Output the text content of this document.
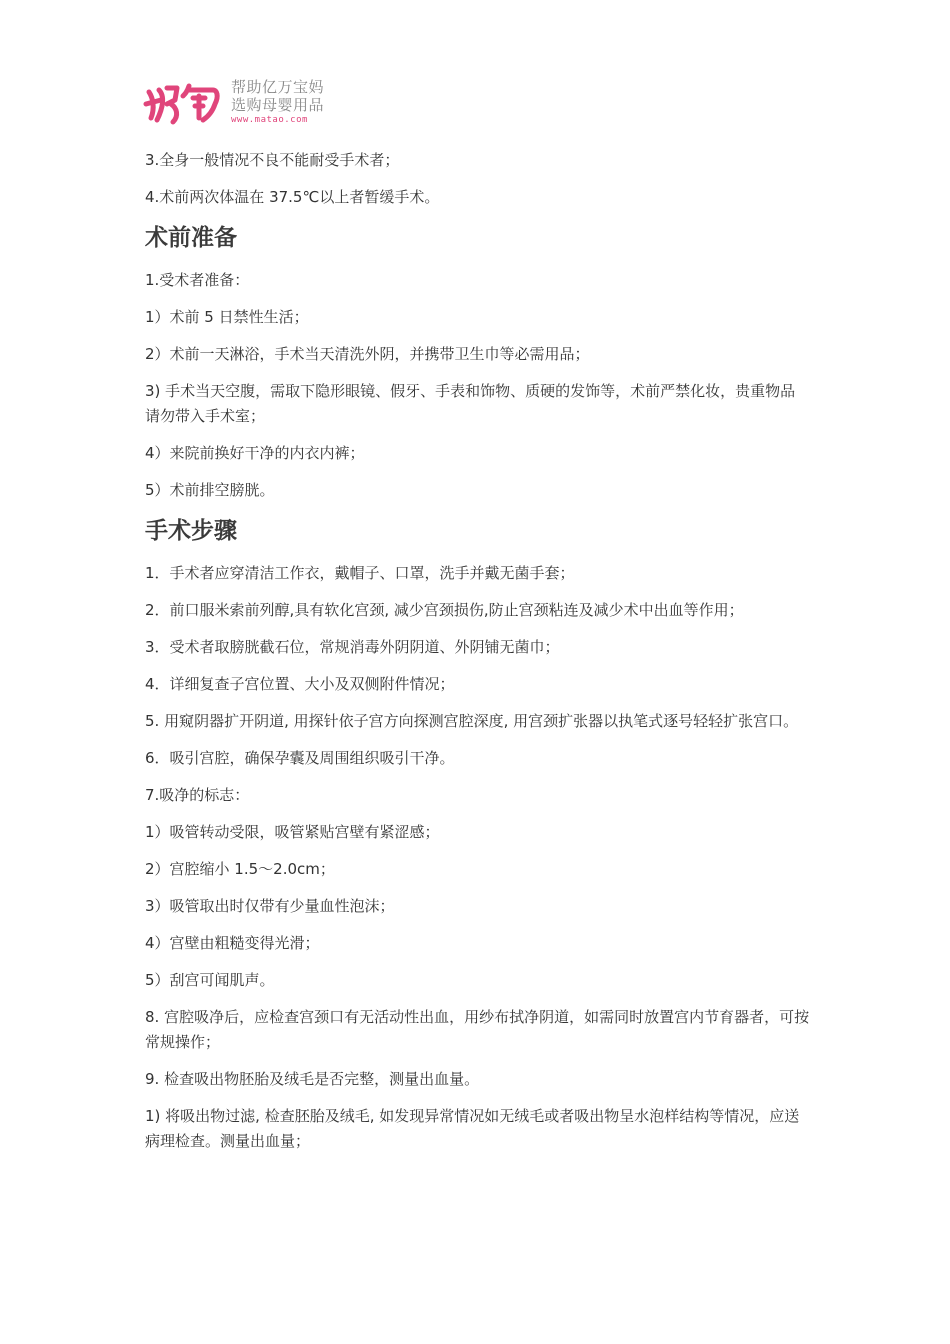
帮助亿万宝妈
选购母婴用品
www.matao.com
3.全身一般情况不良不能耐受手术者；
4.术前两次体温在 37.5℃以上者暂缓手术。
术前准备
1.受术者准备：
1）术前 5 日禁性生活；
2）术前一天淋浴，手术当天清洗外阴，并携带卫生巾等必需用品；
3) 手术当天空腹，需取下隐形眼镜、假牙、手表和饰物、质硬的发饰等，术前严禁化妆，贵重物品请勿带入手术室；
4）来院前换好干净的内衣内裤；
5）术前排空膀胱。
手术步骤
1．手术者应穿清洁工作衣，戴帽子、口罩，洗手并戴无菌手套；
2．前口服米索前列醇,具有软化宫颈, 减少宫颈损伤,防止宫颈粘连及减少术中出血等作用；
3．受术者取膀胱截石位，常规消毒外阴阴道、外阴铺无菌巾；
4．详细复查子宫位置、大小及双侧附件情况；
5. 用窥阴器扩开阴道, 用探针依子宫方向探测宫腔深度, 用宫颈扩张器以执笔式逐号轻轻扩张宫口。
6．吸引宫腔，确保孕囊及周围组织吸引干净。
7.吸净的标志：
1）吸管转动受限，吸管紧贴宫壁有紧涩感；
2）宫腔缩小 1.5～2.0cm；
3）吸管取出时仅带有少量血性泡沫；
4）宫壁由粗糙变得光滑；
5）刮宫可闻肌声。
8. 宫腔吸净后，应检查宫颈口有无活动性出血，用纱布拭净阴道，如需同时放置宫内节育器者，可按常规操作；
9. 检查吸出物胚胎及绒毛是否完整，测量出血量。
1) 将吸出物过滤, 检查胚胎及绒毛, 如发现异常情况如无绒毛或者吸出物呈水泡样结构等情况，应送病理检查。测量出血量；
